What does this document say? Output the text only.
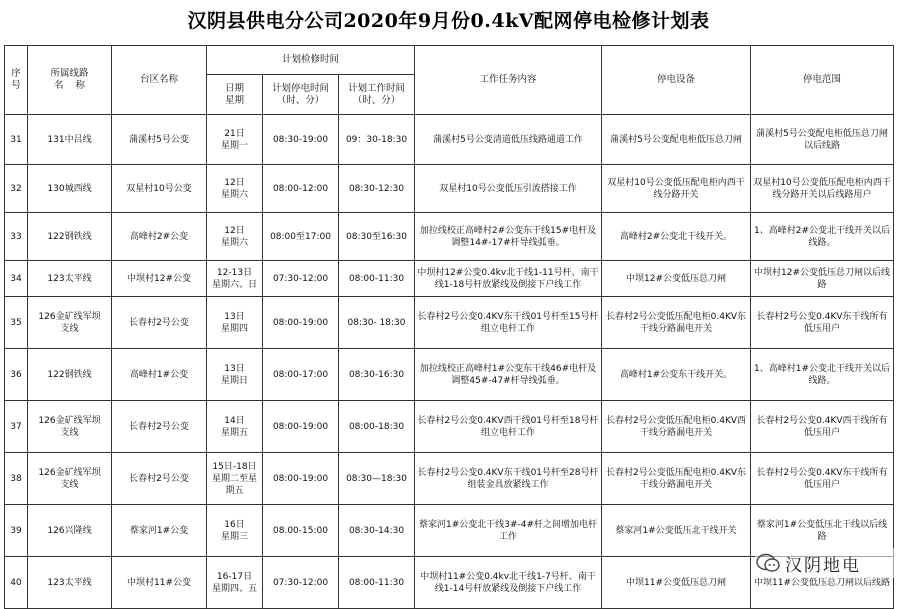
汉阴县供电分公司2020年9月份0.4kV配网停电检修计划表
序
号	所属线路
名    称	台区名称	计划检修时间			工作任务内容	停电设备	停电范围

			日期
星期	计划停电时间
（时、分）	计划工作时间
（时、分）			

31	131中吕线	蒲溪村5号公变	21日
星期一	08:30-19:00	09：30-18:30	蒲溪村5号公变清道低压线路通道工作	蒲溪村5号公变配电柜低压总刀闸	蒲溪村5号公变配电柜低压总刀闸以后线路
32	130城西线	双星村10号公变	12日
星期六	08:00-12:00	08:30-12:30	双星村10号公变低压引流搭接工作	双星村10号公变低压配电柜内西干线分路开关	双星村10号公变低压配电柜内西干线分路开关以后线路用户
33	122钢铁线	高峰村2#公变	12日
星期六	08:00至17:00	08:30至16:30	加拉线校正高峰村2#公变东干线15#电杆及调整14#-17#杆导线弧垂。	高峰村2#公变北干线开关。	1、高峰村2#公变北干线开关以后线路。
34	123太平线	中坝村12#公变	12-13日
星期六、日	07:30-12:00	08:00-11:30	中坝村12#公变0.4kv北干线1-11号杆、南干线1-18号杆放紧线及倒接下户线工作	中坝12#公变低压总刀闸	中坝村12#公变低压总刀闸以后线路
35	126金矿线军坝
支线	长春村2号公变	13日
星期四	08:00-19:00	08:30- 18:30	长春村2号公变0.4KV东干线01号杆至15号杆组立电杆工作	长春村2号公变低压配电柜0.4KV东干线分路漏电开关	长春村2号公变0.4KV东干线所有低压用户
36	122钢铁线	高峰村1#公变	13日
星期日	08:00-17:00	08:30-16:30	加拉线校正高峰村1#公变东干线46#电杆及调整45#-47#杆导线弧垂。	高峰村1#公变东干线开关。	1、高峰村1#公变北干线开关以后线路。
37	126金矿线军坝
支线	长春村2号公变	14日
星期五	08:00-19:00	08:00-18:30	长春村2号公变0.4KV西干线01号杆至18号杆组立电杆工作	长春村2号公变低压配电柜0.4KV西干线分路漏电开关	长春村2号公变0.4KV西干线所有低压用户
38	126金矿线军坝
支线	长春村2号公变	15日-18日
星期二至星
期五	08:00-19:00	08:30—18:30	长春村2号公变0.4KV东干线01号杆至28号杆组装金具放紧线工作	长春村2号公变低压配电柜0.4KV东干线分路漏电开关	长春村2号公变0.4KV东干线所有低压用户
39	126兴隆线	蔡家河1#公变	16日
星期三	08.00-15:00	08:30-14:30	蔡家河1#公变北干线3#-4#杆之间增加电杆工作	蔡家河1#公变低压北干线开关	蔡家河1#公变低压北干线以后线路
40	123太平线	中坝村11#公变	16-17日
星期四、五	07:30-12:00	08:00-11:30	中坝村11#公变0.4kv北干线1-7号杆、南干线1-14号杆放紧线及倒接下户线工作	中坝11#公变低压总刀闸	中坝11#公变低压总刀闸以后线路
汉阴地电
